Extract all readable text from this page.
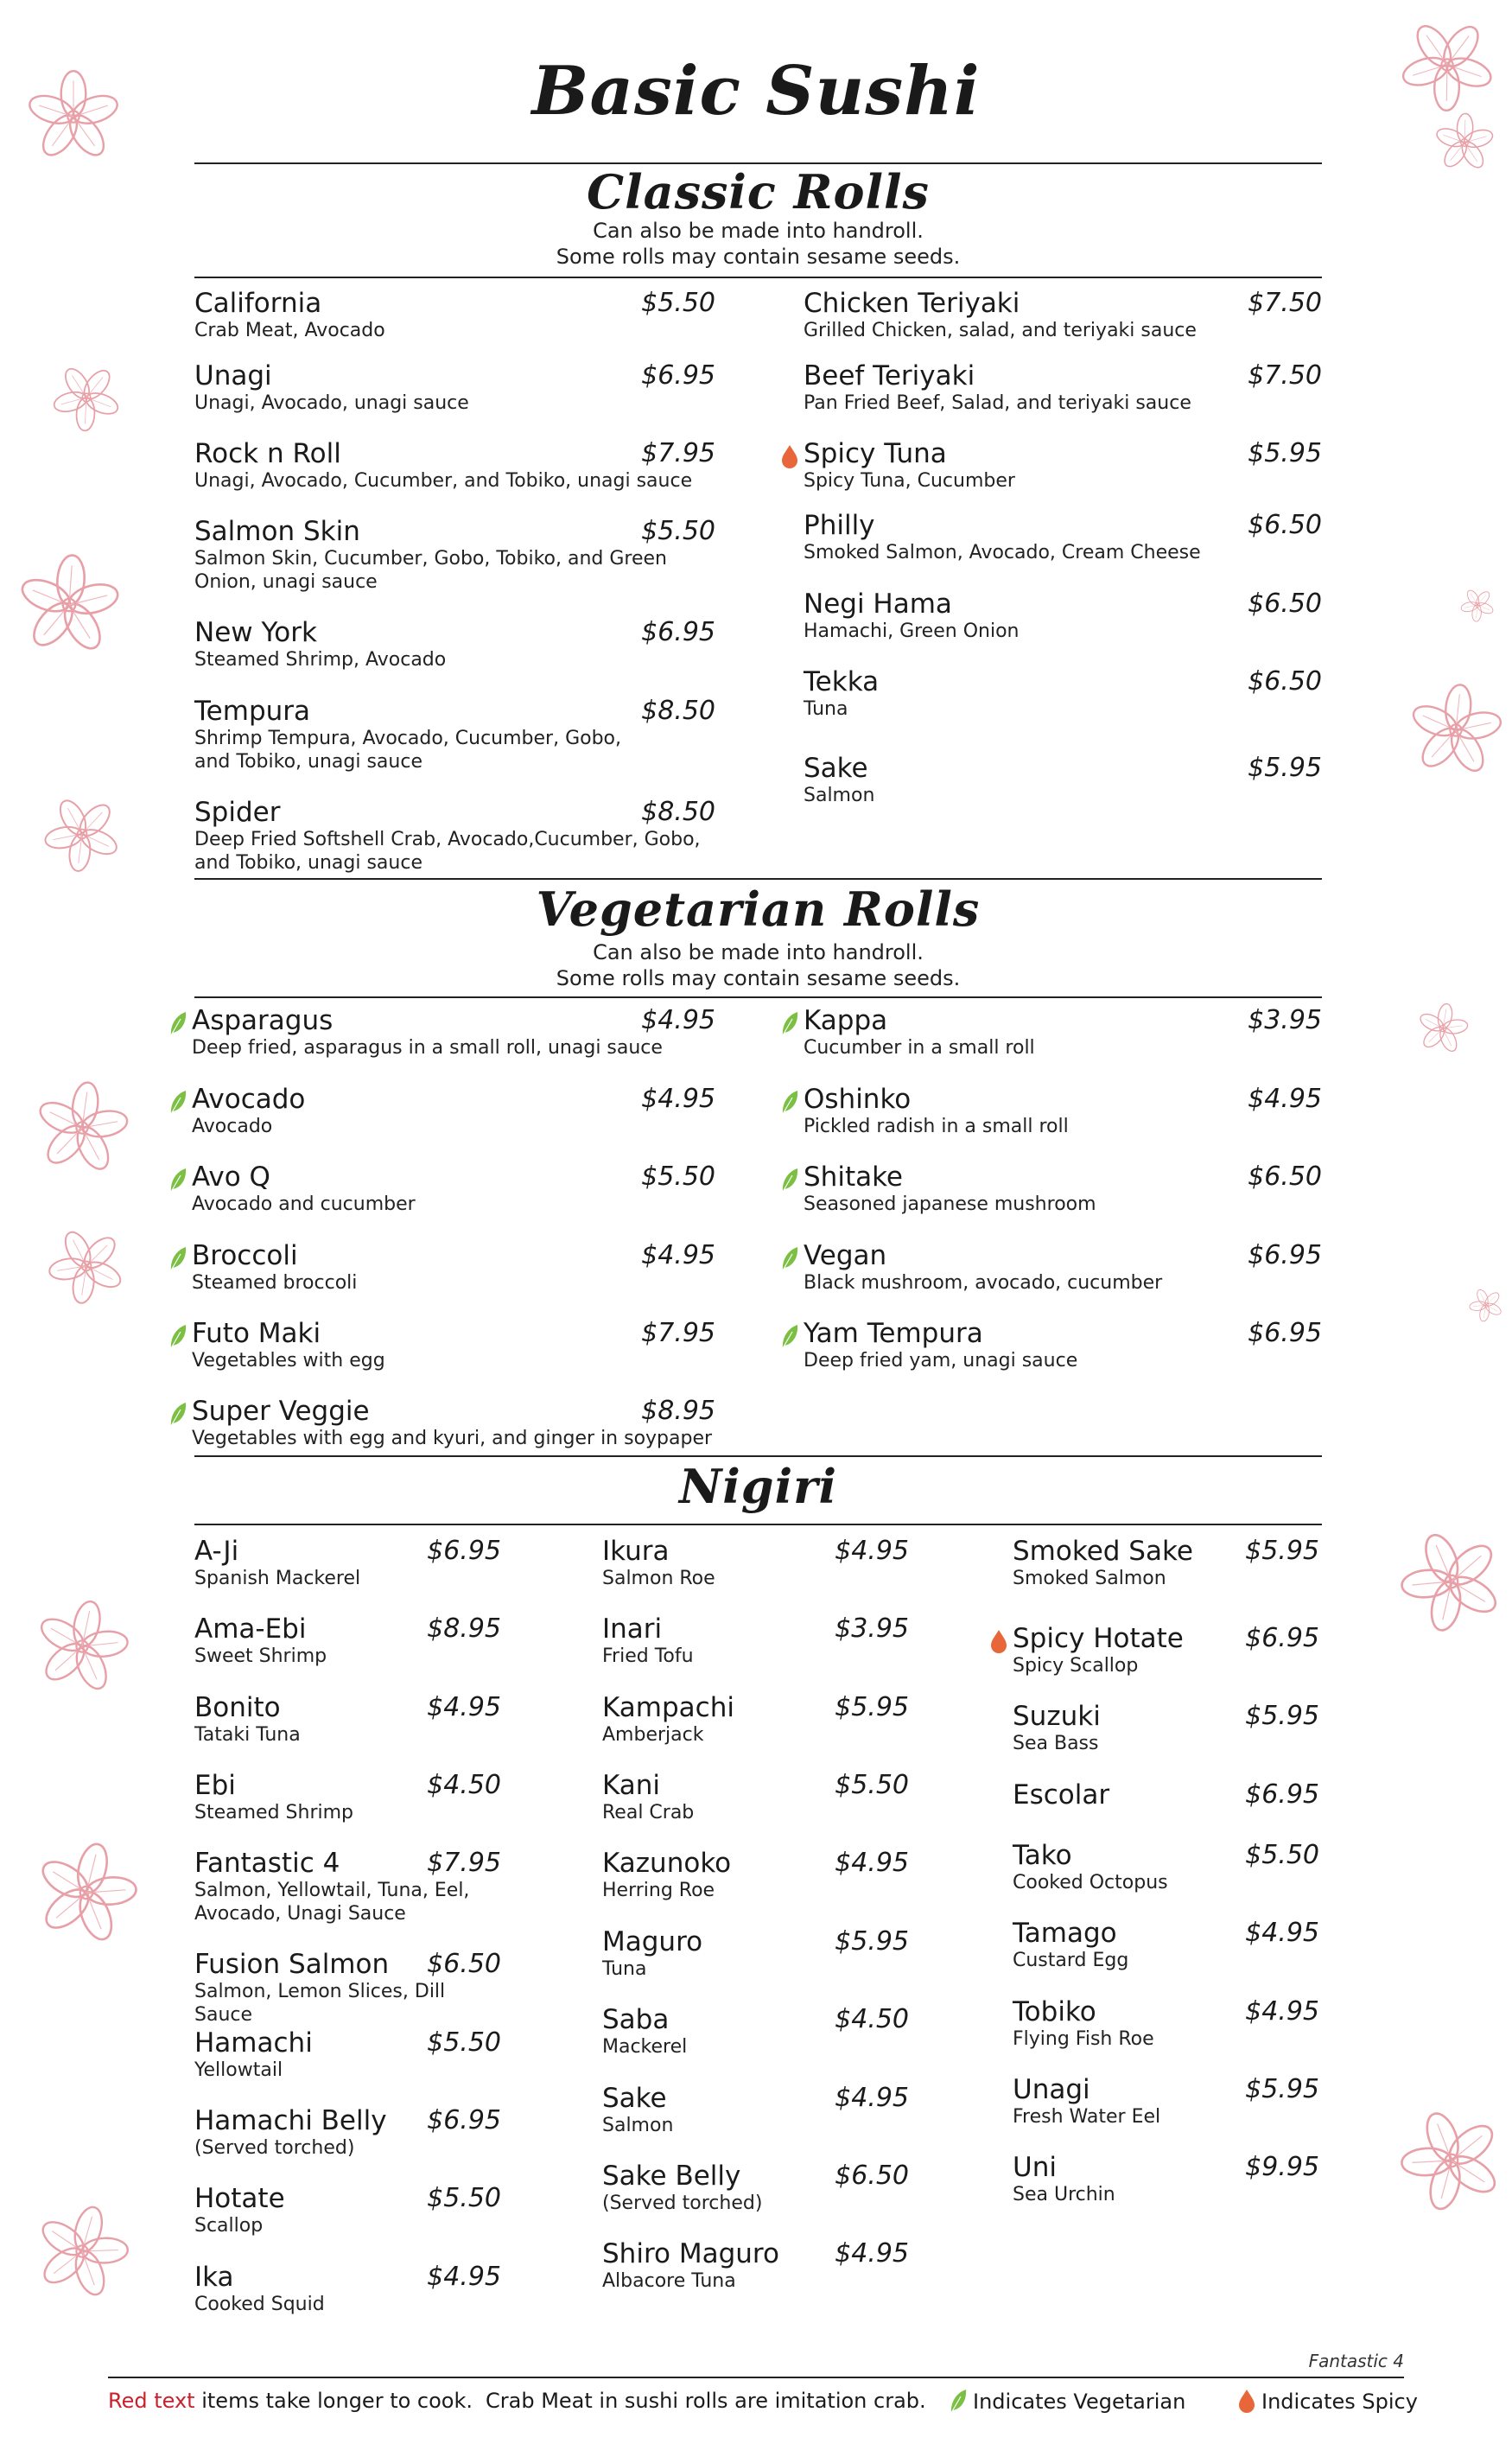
Basic Sushi
Classic Rolls
Can also be made into handroll.
Some rolls may contain sesame seeds.
California
Crab Meat, Avocado
$5.50
Unagi
Unagi, Avocado, unagi sauce
$6.95
Rock n Roll
Unagi, Avocado, Cucumber, and Tobiko, unagi sauce
$7.95
Salmon Skin
Salmon Skin, Cucumber, Gobo, Tobiko, and Green
Onion, unagi sauce
$5.50
New York
Steamed Shrimp, Avocado
$6.95
Tempura
Shrimp Tempura, Avocado, Cucumber, Gobo,
and Tobiko, unagi sauce
$8.50
Spider
Deep Fried Softshell Crab, Avocado,Cucumber, Gobo,
and Tobiko, unagi sauce
$8.50
Chicken Teriyaki
Grilled Chicken, salad, and teriyaki sauce
$7.50
Beef Teriyaki
Pan Fried Beef, Salad, and teriyaki sauce
$7.50
Spicy Tuna
Spicy Tuna, Cucumber
$5.95
Philly
Smoked Salmon, Avocado, Cream Cheese
$6.50
Negi Hama
Hamachi, Green Onion
$6.50
Tekka
Tuna
$6.50
Sake
Salmon
$5.95
Vegetarian Rolls
Can also be made into handroll.
Some rolls may contain sesame seeds.
Asparagus
Deep fried, asparagus in a small roll, unagi sauce
$4.95
Avocado
Avocado
$4.95
Avo Q
Avocado and cucumber
$5.50
Broccoli
Steamed broccoli
$4.95
Futo Maki
Vegetables with egg
$7.95
Super Veggie
Vegetables with egg and kyuri, and ginger in soypaper
$8.95
Kappa
Cucumber in a small roll
$3.95
Oshinko
Pickled radish in a small roll
$4.95
Shitake
Seasoned japanese mushroom
$6.50
Vegan
Black mushroom, avocado, cucumber
$6.95
Yam Tempura
Deep fried yam, unagi sauce
$6.95
Nigiri
A-Ji
Spanish Mackerel
$6.95
Ama-Ebi
Sweet Shrimp
$8.95
Bonito
Tataki Tuna
$4.95
Ebi
Steamed Shrimp
$4.50
Fantastic 4
Salmon, Yellowtail, Tuna, Eel,
Avocado, Unagi Sauce
$7.95
Fusion Salmon
Salmon, Lemon Slices, Dill Sauce
$6.50
Hamachi
Yellowtail
$5.50
Hamachi Belly
(Served torched)
$6.95
Hotate
Scallop
$5.50
Ika
Cooked Squid
$4.95
Ikura
Salmon Roe
$4.95
Inari
Fried Tofu
$3.95
Kampachi
Amberjack
$5.95
Kani
Real Crab
$5.50
Kazunoko
Herring Roe
$4.95
Maguro
Tuna
$5.95
Saba
Mackerel
$4.50
Sake
Salmon
$4.95
Sake Belly
(Served torched)
$6.50
Shiro Maguro
Albacore Tuna
$4.95
Smoked Sake
Smoked Salmon
$5.95
Spicy Hotate
Spicy Scallop
$6.95
Suzuki
Sea Bass
$5.95
Escolar	$6.95
Tako
Cooked Octopus
$5.50
Tamago
Custard Egg
$4.95
Tobiko
Flying Fish Roe
$4.95
Unagi
Fresh Water Eel
$5.95
Uni
Sea Urchin
$9.95
Fantastic 4
Red text items take longer to cook. Crab Meat in sushi rolls are imitation crab.	Indicates Vegetarian	Indicates Spicy
